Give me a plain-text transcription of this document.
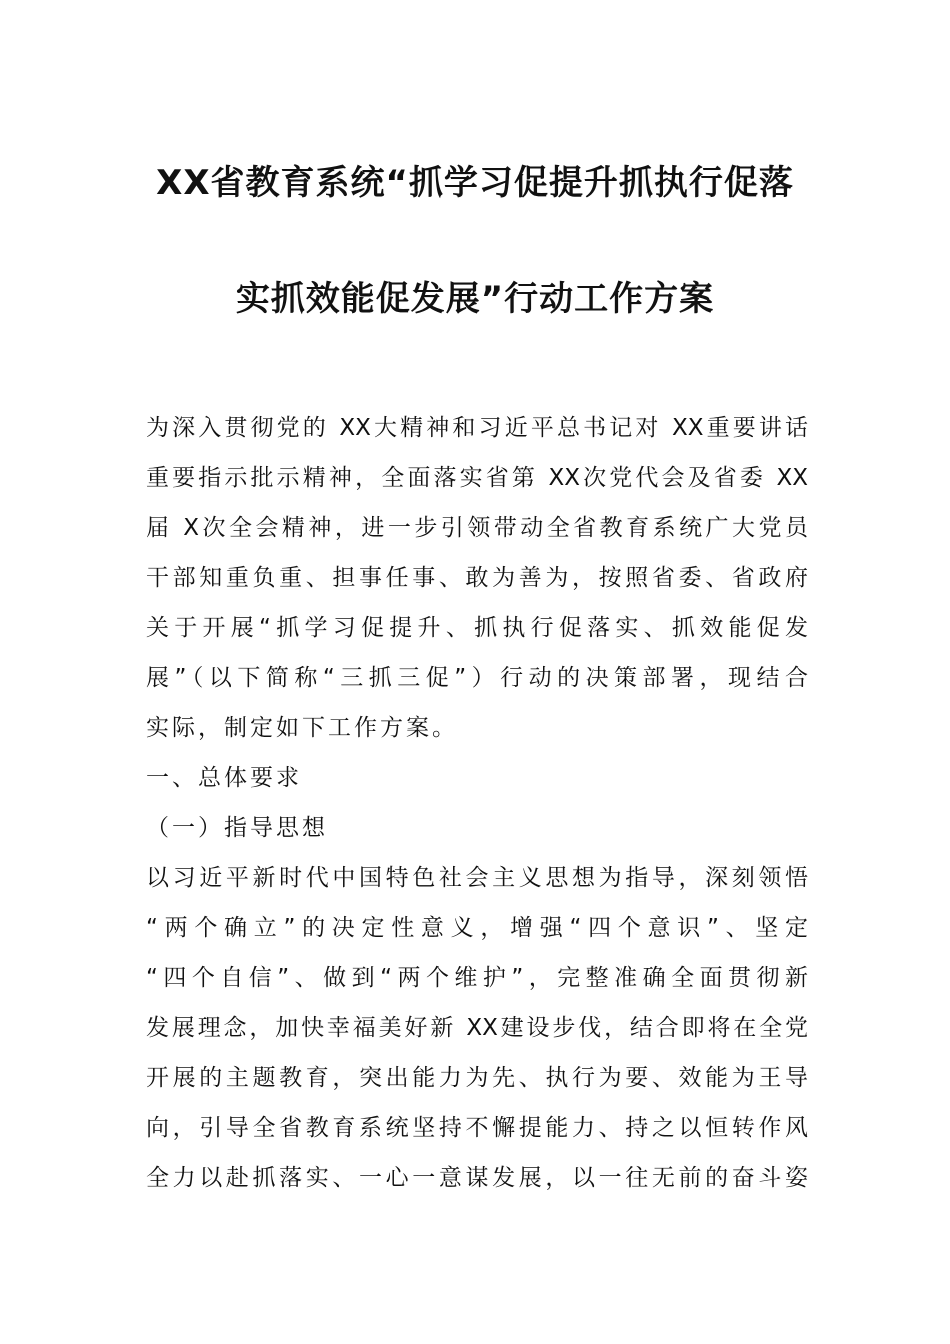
XX省教育系统“抓学习促提升抓执行促落
实抓效能促发展”行动工作方案
为深入贯彻党的 XX大精神和习近平总书记对 XX重要讲话
重要指示批示精神，全面落实省第 XX次党代会及省委 XX
届 X次全会精神，进一步引领带动全省教育系统广大党员
干部知重负重、担事任事、敢为善为，按照省委、省政府
关于开展“抓学习促提升、抓执行促落实、抓效能促发
展”（以下简称“三抓三促”）行动的决策部署，现结合
实际，制定如下工作方案。
一、总体要求
（一）指导思想
以习近平新时代中国特色社会主义思想为指导，深刻领悟
“两个确立”的决定性意义，增强“四个意识”、坚定
“四个自信”、做到“两个维护”，完整准确全面贯彻新
发展理念，加快幸福美好新 XX建设步伐，结合即将在全党
开展的主题教育，突出能力为先、执行为要、效能为王导
向，引导全省教育系统坚持不懈提能力、持之以恒转作风
全力以赴抓落实、一心一意谋发展，以一往无前的奋斗姿
